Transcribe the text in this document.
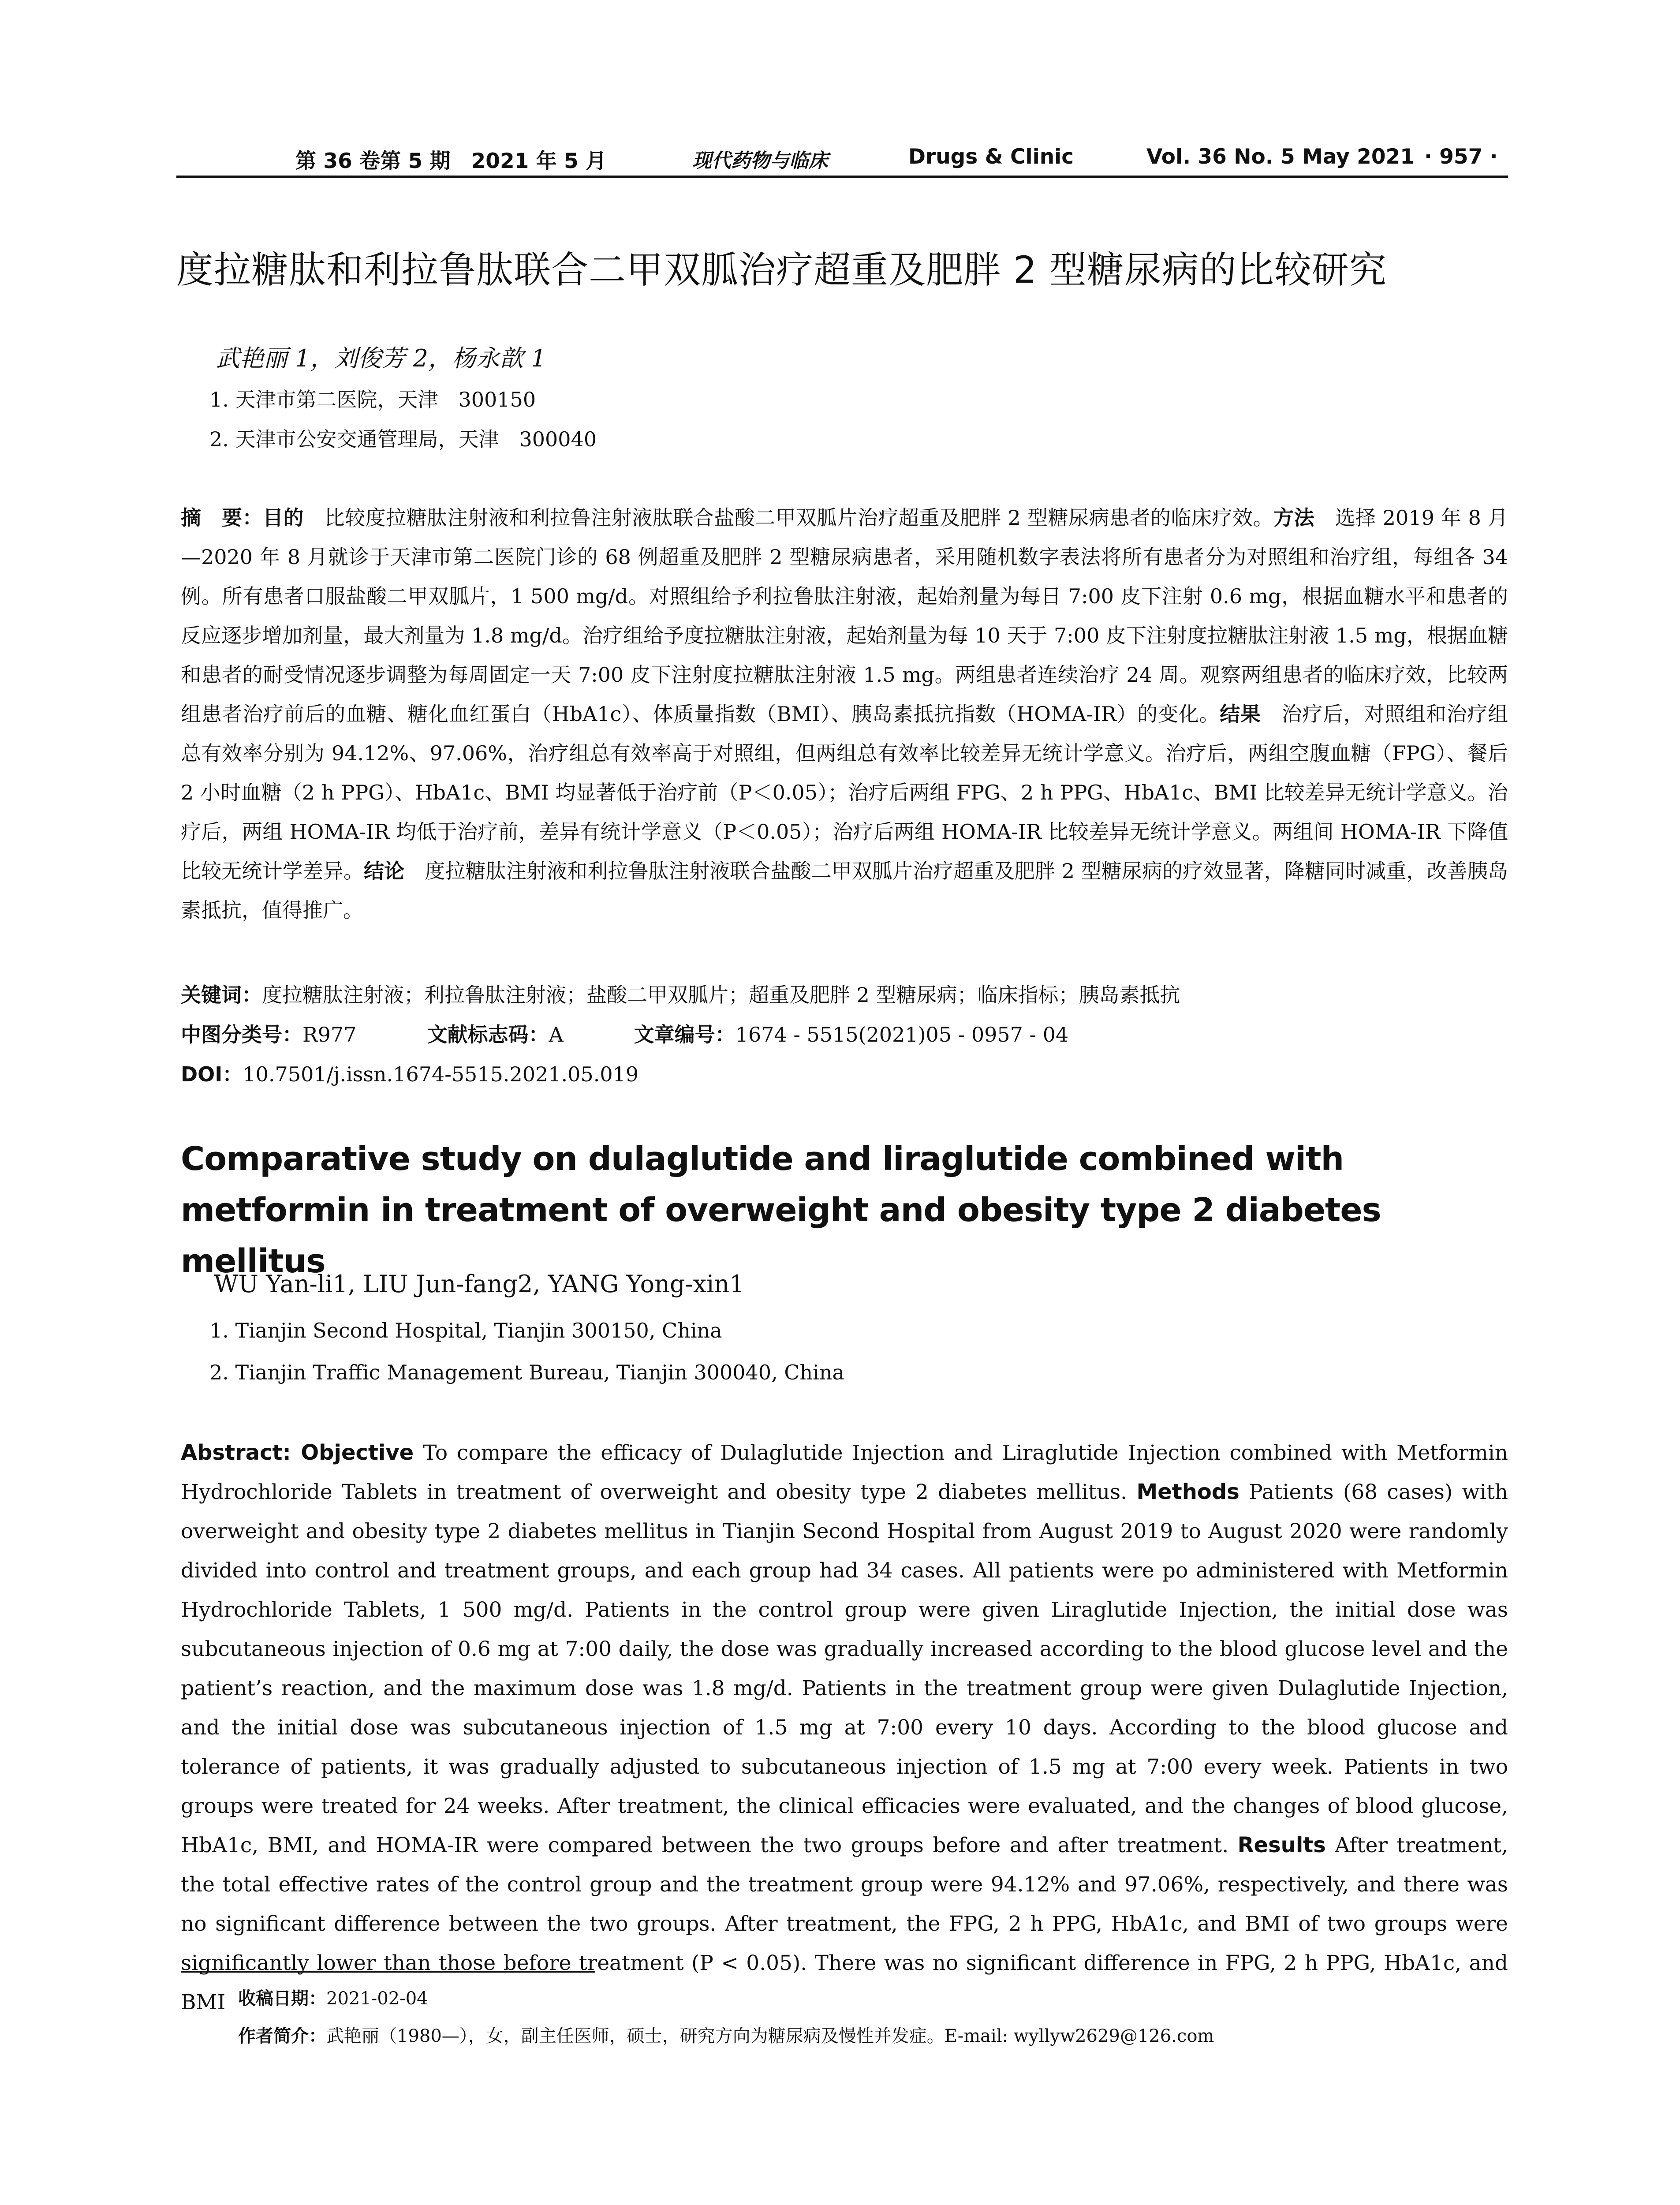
第 36 卷第 5 期　2021 年 5 月	现代药物与临床	Drugs & Clinic	Vol. 36 No. 5 May 2021 · 957 ·
度拉糖肽和利拉鲁肽联合二甲双胍治疗超重及肥胖 2 型糖尿病的比较研究
武艳丽 1，刘俊芳 2，杨永歆 1
1. 天津市第二医院，天津　300150
2. 天津市公安交通管理局，天津　300040
摘　要：目的　比较度拉糖肽注射液和利拉鲁注射液肽联合盐酸二甲双胍片治疗超重及肥胖 2 型糖尿病患者的临床疗效。方法　选择 2019 年 8 月—2020 年 8 月就诊于天津市第二医院门诊的 68 例超重及肥胖 2 型糖尿病患者，采用随机数字表法将所有患者分为对照组和治疗组，每组各 34 例。所有患者口服盐酸二甲双胍片，1 500 mg/d。对照组给予利拉鲁肽注射液，起始剂量为每日 7:00 皮下注射 0.6 mg，根据血糖水平和患者的反应逐步增加剂量，最大剂量为 1.8 mg/d。治疗组给予度拉糖肽注射液，起始剂量为每 10 天于 7:00 皮下注射度拉糖肽注射液 1.5 mg，根据血糖和患者的耐受情况逐步调整为每周固定一天 7:00 皮下注射度拉糖肽注射液 1.5 mg。两组患者连续治疗 24 周。观察两组患者的临床疗效，比较两组患者治疗前后的血糖、糖化血红蛋白（HbA1c）、体质量指数（BMI）、胰岛素抵抗指数（HOMA-IR）的变化。结果　治疗后，对照组和治疗组总有效率分别为 94.12%、97.06%，治疗组总有效率高于对照组，但两组总有效率比较差异无统计学意义。治疗后，两组空腹血糖（FPG）、餐后 2 小时血糖（2 h PPG）、HbA1c、BMI 均显著低于治疗前（P＜0.05）；治疗后两组 FPG、2 h PPG、HbA1c、BMI 比较差异无统计学意义。治疗后，两组 HOMA-IR 均低于治疗前，差异有统计学意义（P＜0.05）；治疗后两组 HOMA-IR 比较差异无统计学意义。两组间 HOMA-IR 下降值比较无统计学差异。结论　度拉糖肽注射液和利拉鲁肽注射液联合盐酸二甲双胍片治疗超重及肥胖 2 型糖尿病的疗效显著，降糖同时减重，改善胰岛素抵抗，值得推广。
关键词：度拉糖肽注射液；利拉鲁肽注射液；盐酸二甲双胍片；超重及肥胖 2 型糖尿病；临床指标；胰岛素抵抗
中图分类号：R977	文献标志码：A	文章编号：1674 - 5515(2021)05 - 0957 - 04
DOI：10.7501/j.issn.1674-5515.2021.05.019
Comparative study on dulaglutide and liraglutide combined with metformin in treatment of overweight and obesity type 2 diabetes mellitus
WU Yan-li1, LIU Jun-fang2, YANG Yong-xin1
1. Tianjin Second Hospital, Tianjin 300150, China
2. Tianjin Traffic Management Bureau, Tianjin 300040, China
Abstract: Objective To compare the efficacy of Dulaglutide Injection and Liraglutide Injection combined with Metformin Hydrochloride Tablets in treatment of overweight and obesity type 2 diabetes mellitus. Methods Patients (68 cases) with overweight and obesity type 2 diabetes mellitus in Tianjin Second Hospital from August 2019 to August 2020 were randomly divided into control and treatment groups, and each group had 34 cases. All patients were po administered with Metformin Hydrochloride Tablets, 1 500 mg/d. Patients in the control group were given Liraglutide Injection, the initial dose was subcutaneous injection of 0.6 mg at 7:00 daily, the dose was gradually increased according to the blood glucose level and the patient’s reaction, and the maximum dose was 1.8 mg/d. Patients in the treatment group were given Dulaglutide Injection, and the initial dose was subcutaneous injection of 1.5 mg at 7:00 every 10 days. According to the blood glucose and tolerance of patients, it was gradually adjusted to subcutaneous injection of 1.5 mg at 7:00 every week. Patients in two groups were treated for 24 weeks. After treatment, the clinical efficacies were evaluated, and the changes of blood glucose, HbA1c, BMI, and HOMA-IR were compared between the two groups before and after treatment. Results After treatment, the total effective rates of the control group and the treatment group were 94.12% and 97.06%, respectively, and there was no significant difference between the two groups. After treatment, the FPG, 2 h PPG, HbA1c, and BMI of two groups were significantly lower than those before treatment (P < 0.05). There was no significant difference in FPG, 2 h PPG, HbA1c, and BMI 收稿日期：2021-02-04
作者简介：武艳丽（1980—），女，副主任医师，硕士，研究方向为糖尿病及慢性并发症。E-mail: wyllyw2629@126.com
